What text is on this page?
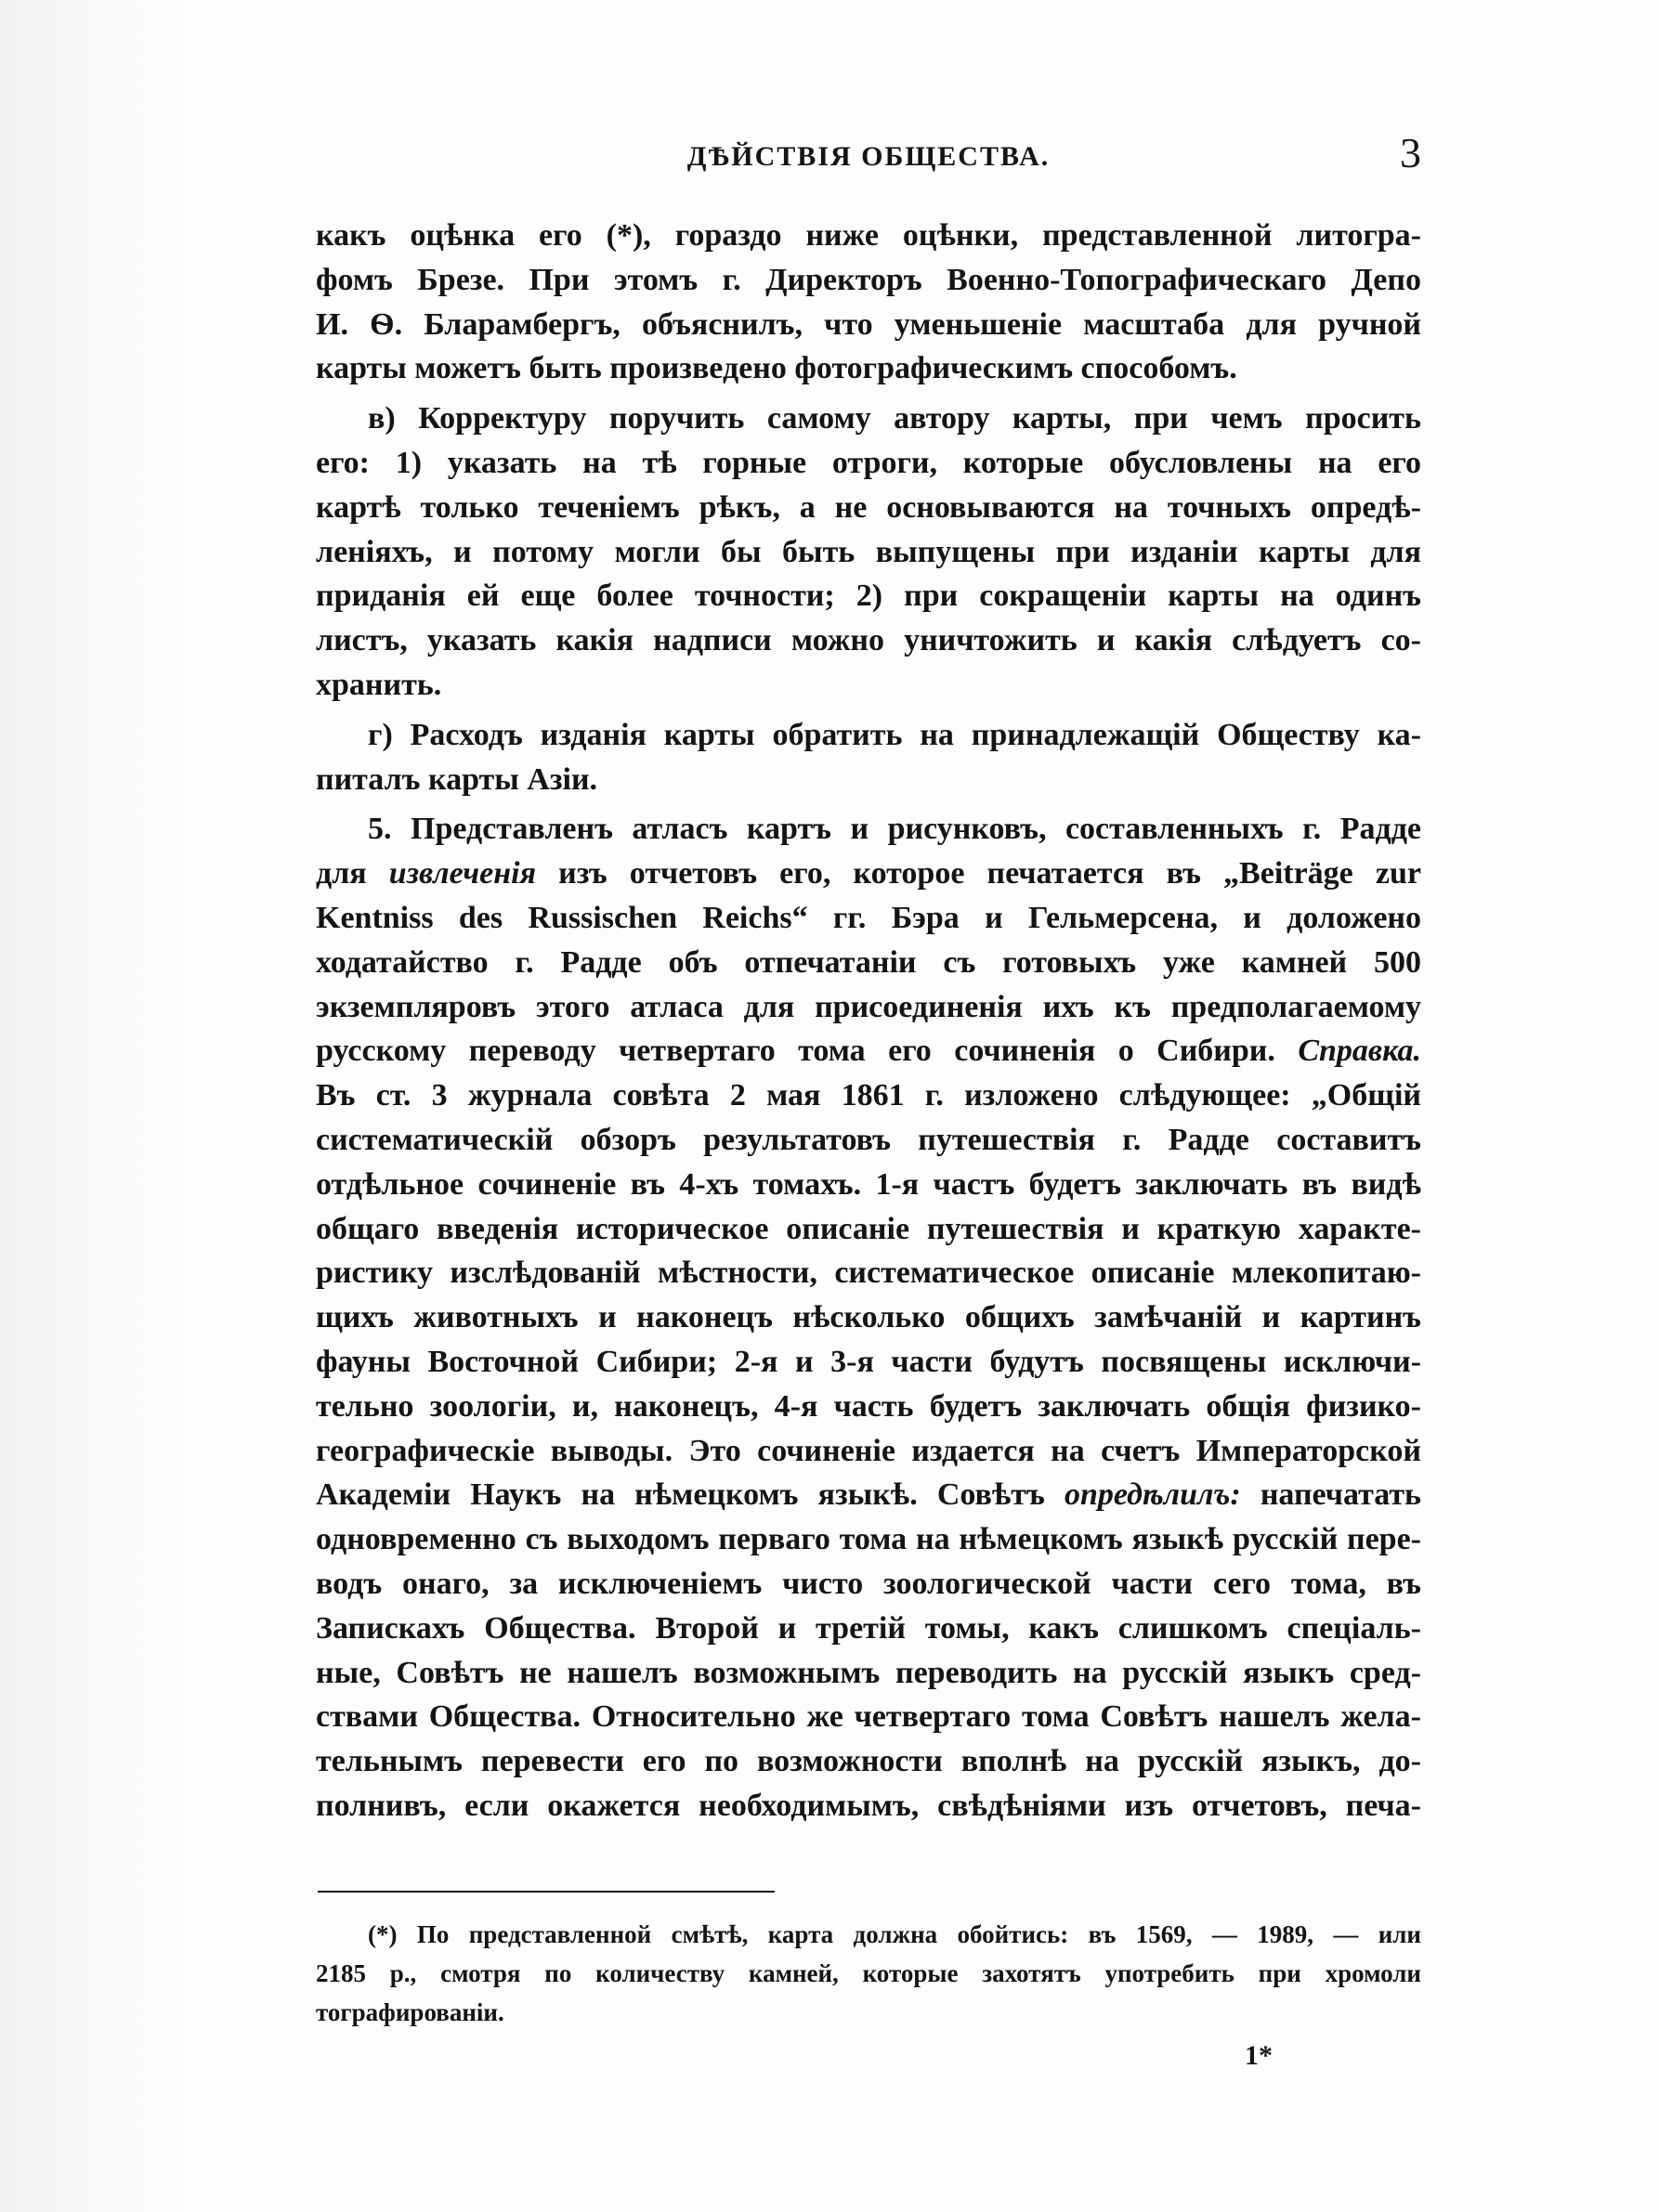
ДѢЙСТВІЯ ОБЩЕСТВА.	3
какъ оцѣнка его (*), гораздо ниже оцѣнки, представленной литогра-
фомъ Брезе. При этомъ г. Директоръ Военно-Топографическаго Депо
И. Ѳ. Бларамбергъ, объяснилъ, что уменьшеніе масштаба для ручной
карты можетъ быть произведено фотографическимъ способомъ.
в) Корректуру поручить самому автору карты, при чемъ просить
его: 1) указать на тѣ горные отроги, которые обусловлены на его
картѣ только теченіемъ рѣкъ, а не основываются на точныхъ опредѣ-
леніяхъ, и потому могли бы быть выпущены при изданіи карты для
приданія ей еще более точности; 2) при сокращеніи карты на одинъ
листъ, указать какія надписи можно уничтожить и какія слѣдуетъ со-
хранить.
г) Расходъ изданія карты обратить на принадлежащій Обществу ка-
питалъ карты Азіи.
5. Представленъ атласъ картъ и рисунковъ, составленныхъ г. Радде
для извлеченія изъ отчетовъ его, которое печатается въ „Beiträge zur
Kentniss des Russischen Reichs“ гг. Бэра и Гельмерсена, и доложено
ходатайство г. Радде объ отпечатаніи съ готовыхъ уже камней 500
экземпляровъ этого атласа для присоединенія ихъ къ предполагаемому
русскому переводу четвертаго тома его сочиненія о Сибири. Справка.
Въ ст. 3 журнала совѣта 2 мая 1861 г. изложено слѣдующее: „Общій
систематическій обзоръ результатовъ путешествія г. Радде составитъ
отдѣльное сочиненіе въ 4-хъ томахъ. 1-я частъ будетъ заключать въ видѣ
общаго введенія историческое описаніе путешествія и краткую характе-
ристику изслѣдованій мѣстности, систематическое описаніе млекопитаю-
щихъ животныхъ и наконецъ нѣсколько общихъ замѣчаній и картинъ
фауны Восточной Сибири; 2-я и 3-я части будутъ посвящены исключи-
тельно зоологіи, и, наконецъ, 4-я часть будетъ заключать общія физико-
географическіе выводы. Это сочиненіе издается на счетъ Императорской
Академіи Наукъ на нѣмецкомъ языкѣ. Совѣтъ опредѣлилъ: напечатать
одновременно съ выходомъ перваго тома на нѣмецкомъ языкѣ русскій пере-
водъ онаго, за исключеніемъ чисто зоологической части сего тома, въ
Запискахъ Общества. Второй и третій томы, какъ слишкомъ спеціаль-
ные, Совѣтъ не нашелъ возможнымъ переводить на русскій языкъ сред-
ствами Общества. Относительно же четвертаго тома Совѣтъ нашелъ жела-
тельнымъ перевести его по возможности вполнѣ на русскій языкъ, до-
полнивъ, если окажется необходимымъ, свѣдѣніями изъ отчетовъ, печа-
(*) По представленной смѣтѣ, карта должна обойтись: въ 1569, — 1989, — или
2185 р., смотря по количеству камней, которые захотятъ употребить при хромоли
тографированіи.
1*
